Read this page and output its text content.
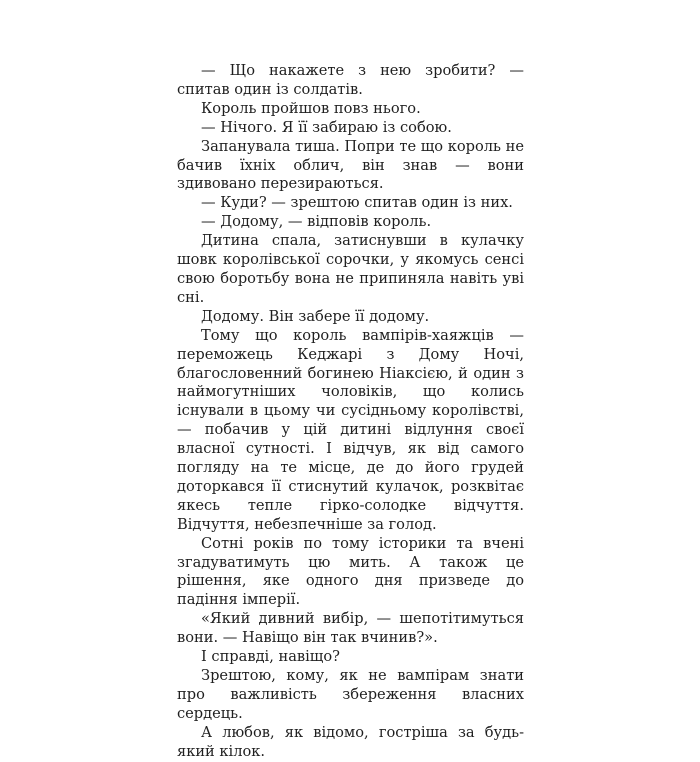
— Що накажете з нею зробити? — спитав один із солдатів.

Король пройшов повз нього.

— Нічого. Я її забираю із собою.

Запанувала тиша. Попри те що король не бачив їхніх облич, він знав — вони здивовано перезираються.

— Куди? — зрештою спитав один із них.

— Додому, — відповів король.

Дитина спала, затиснувши в кулачку шовк королівської сорочки, у якомусь сенсі свою боротьбу вона не припиняла навіть уві сні.

Додому. Він забере її додому.

Тому що король вампірів-хаяжців — переможець Кеджарі з Дому Ночі, благословенний богинею Ніаксією, й один з наймогутніших чоловіків, що колись існували в цьому чи сусідньому королівстві, — побачив у цій дитині відлуння своєї власної сутності. І відчув, як від самого погляду на те місце, де до його грудей доторкався її стиснутий кулачок, розквітає якесь тепле гірко-солодке відчуття. Відчуття, небезпечніше за голод.

Сотні років по тому історики та вчені згадуватимуть цю мить. А також це рішення, яке одного дня призведе до падіння імперії.

«Який дивний вибір, — шепотітимуться вони. — Навіщо він так вчинив?».

І справді, навіщо?

Зрештою, кому, як не вампірам знати про важливість збереження власних сердець.

А любов, як відомо, гостріша за будь-який кілок.
